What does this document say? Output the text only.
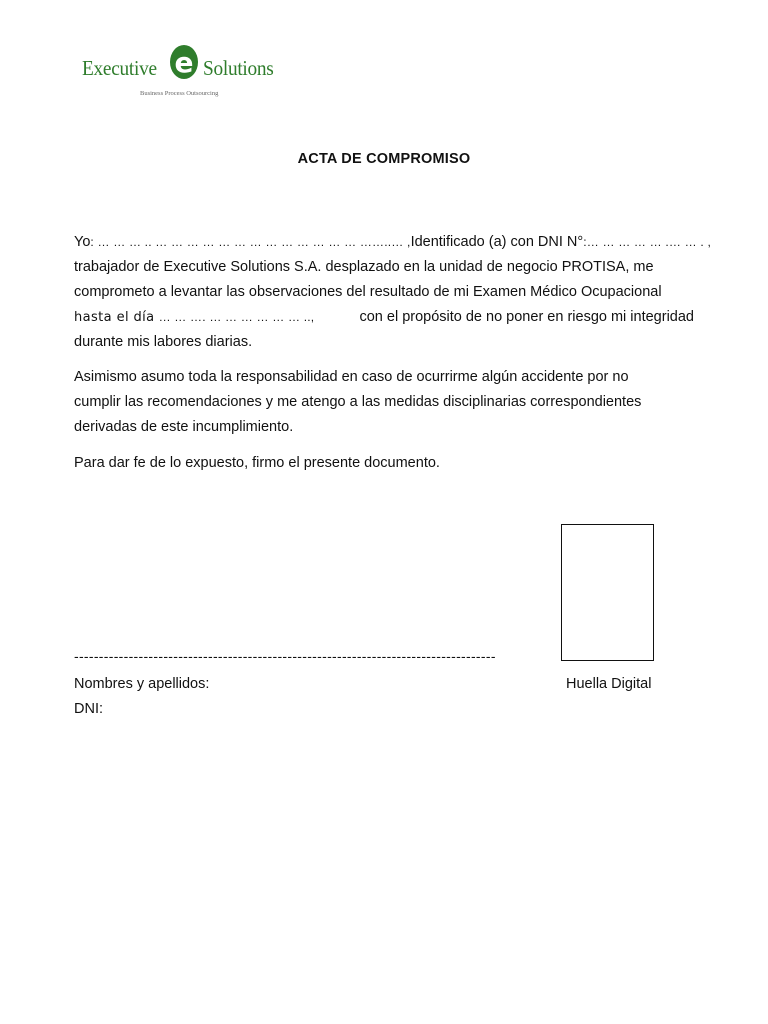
Executive e Solutions
Business Process Outsourcing
ACTA DE COMPROMISO
Yo: … … … .. … … … … … … … … … … … … … ……..… , Identificado (a) con DNI N°:… … … … … .… … . ,
trabajador de Executive Solutions S.A. desplazado en la unidad de negocio PROTISA, me
comprometo a levantar las observaciones del resultado de mi Examen Médico Ocupacional
hasta el día … … …. … … … … … … ..,	con el propósito de no poner en riesgo mi integridad
durante mis labores diarias.
Asimismo asumo toda la responsabilidad en caso de ocurrirme algún accidente por no
cumplir las recomendaciones y me atengo a las medidas disciplinarias correspondientes
derivadas de este incumplimiento.
Para dar fe de lo expuesto, firmo el presente documento.
-------------------------------------------------------------------------------------
Nombres y apellidos:
DNI:
Huella Digital
